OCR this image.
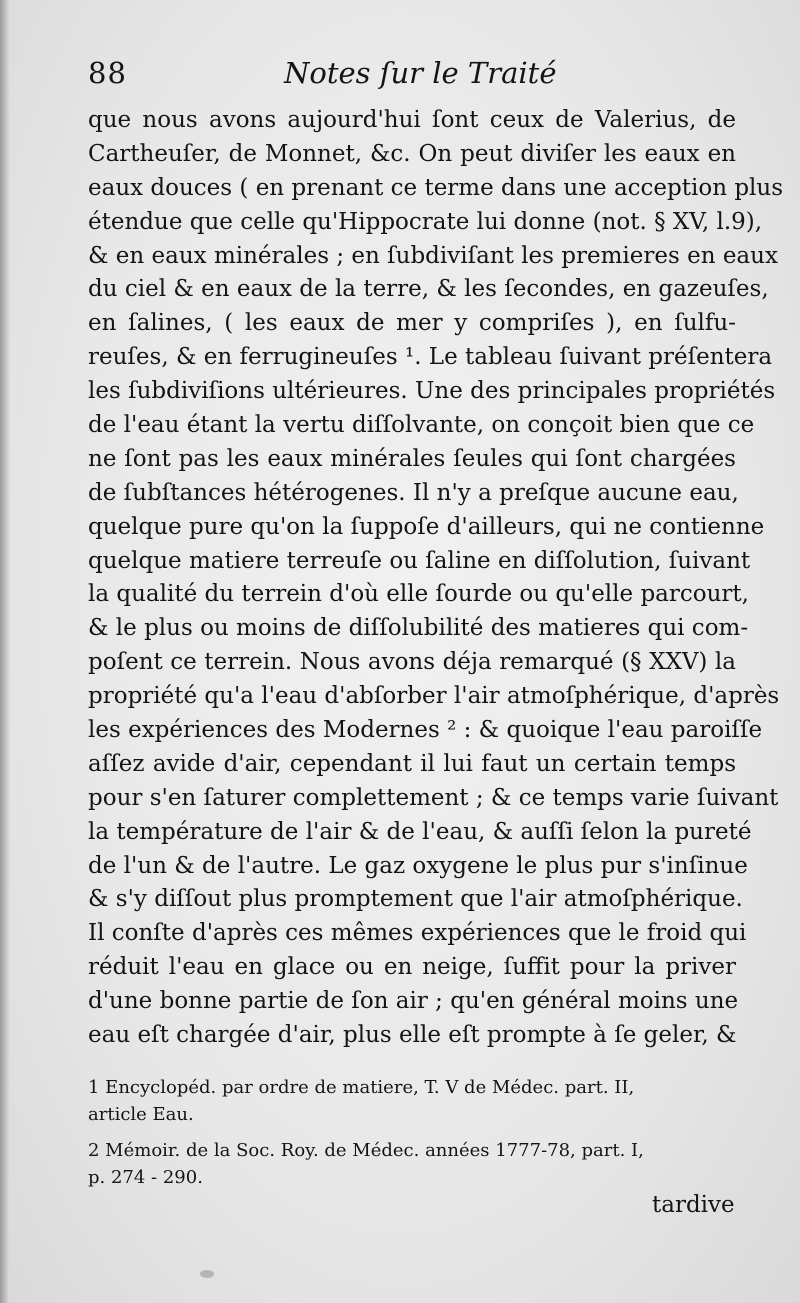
88	Notes ſur le Traité
que nous avons aujourd'hui ſont ceux de Valerius, de
Cartheuſer, de Monnet, &c. On peut diviſer les eaux en
eaux douces ( en prenant ce terme dans une acception plus
étendue que celle qu'Hippocrate lui donne (not. § XV, l.9),
& en eaux minérales ; en ſubdiviſant les premieres en eaux
du ciel & en eaux de la terre, & les ſecondes, en gazeuſes,
en ſalines, ( les eaux de mer y compriſes ), en ſulfu-
reuſes, & en ferrugineuſes ¹. Le tableau ſuivant préſentera
les ſubdiviſions ultérieures. Une des principales propriétés
de l'eau étant la vertu diſſolvante, on conçoit bien que ce
ne ſont pas les eaux minérales ſeules qui ſont chargées
de ſubſtances hétérogenes. Il n'y a preſque aucune eau,
quelque pure qu'on la ſuppoſe d'ailleurs, qui ne contienne
quelque matiere terreuſe ou ſaline en diſſolution, ſuivant
la qualité du terrein d'où elle ſourde ou qu'elle parcourt,
& le plus ou moins de diſſolubilité des matieres qui com-
poſent ce terrein. Nous avons déja remarqué (§ XXV) la
propriété qu'a l'eau d'abſorber l'air atmoſphérique, d'après
les expériences des Modernes ² : & quoique l'eau paroiſſe
aſſez avide d'air, cependant il lui faut un certain temps
pour s'en ſaturer complettement ; & ce temps varie ſuivant
la température de l'air & de l'eau, & auſſi ſelon la pureté
de l'un & de l'autre. Le gaz oxygene le plus pur s'inſinue
& s'y diſſout plus promptement que l'air atmoſphérique.
Il conſte d'après ces mêmes expériences que le froid qui
réduit l'eau en glace ou en neige, ſuffit pour la priver
d'une bonne partie de ſon air ; qu'en général moins une
eau eſt chargée d'air, plus elle eſt prompte à ſe geler, &
1 Encyclopéd. par ordre de matiere, T. V de Médec. part. II,
article Eau.
2 Mémoir. de la Soc. Roy. de Médec. années 1777-78, part. I,
p. 274 - 290.
tardive
